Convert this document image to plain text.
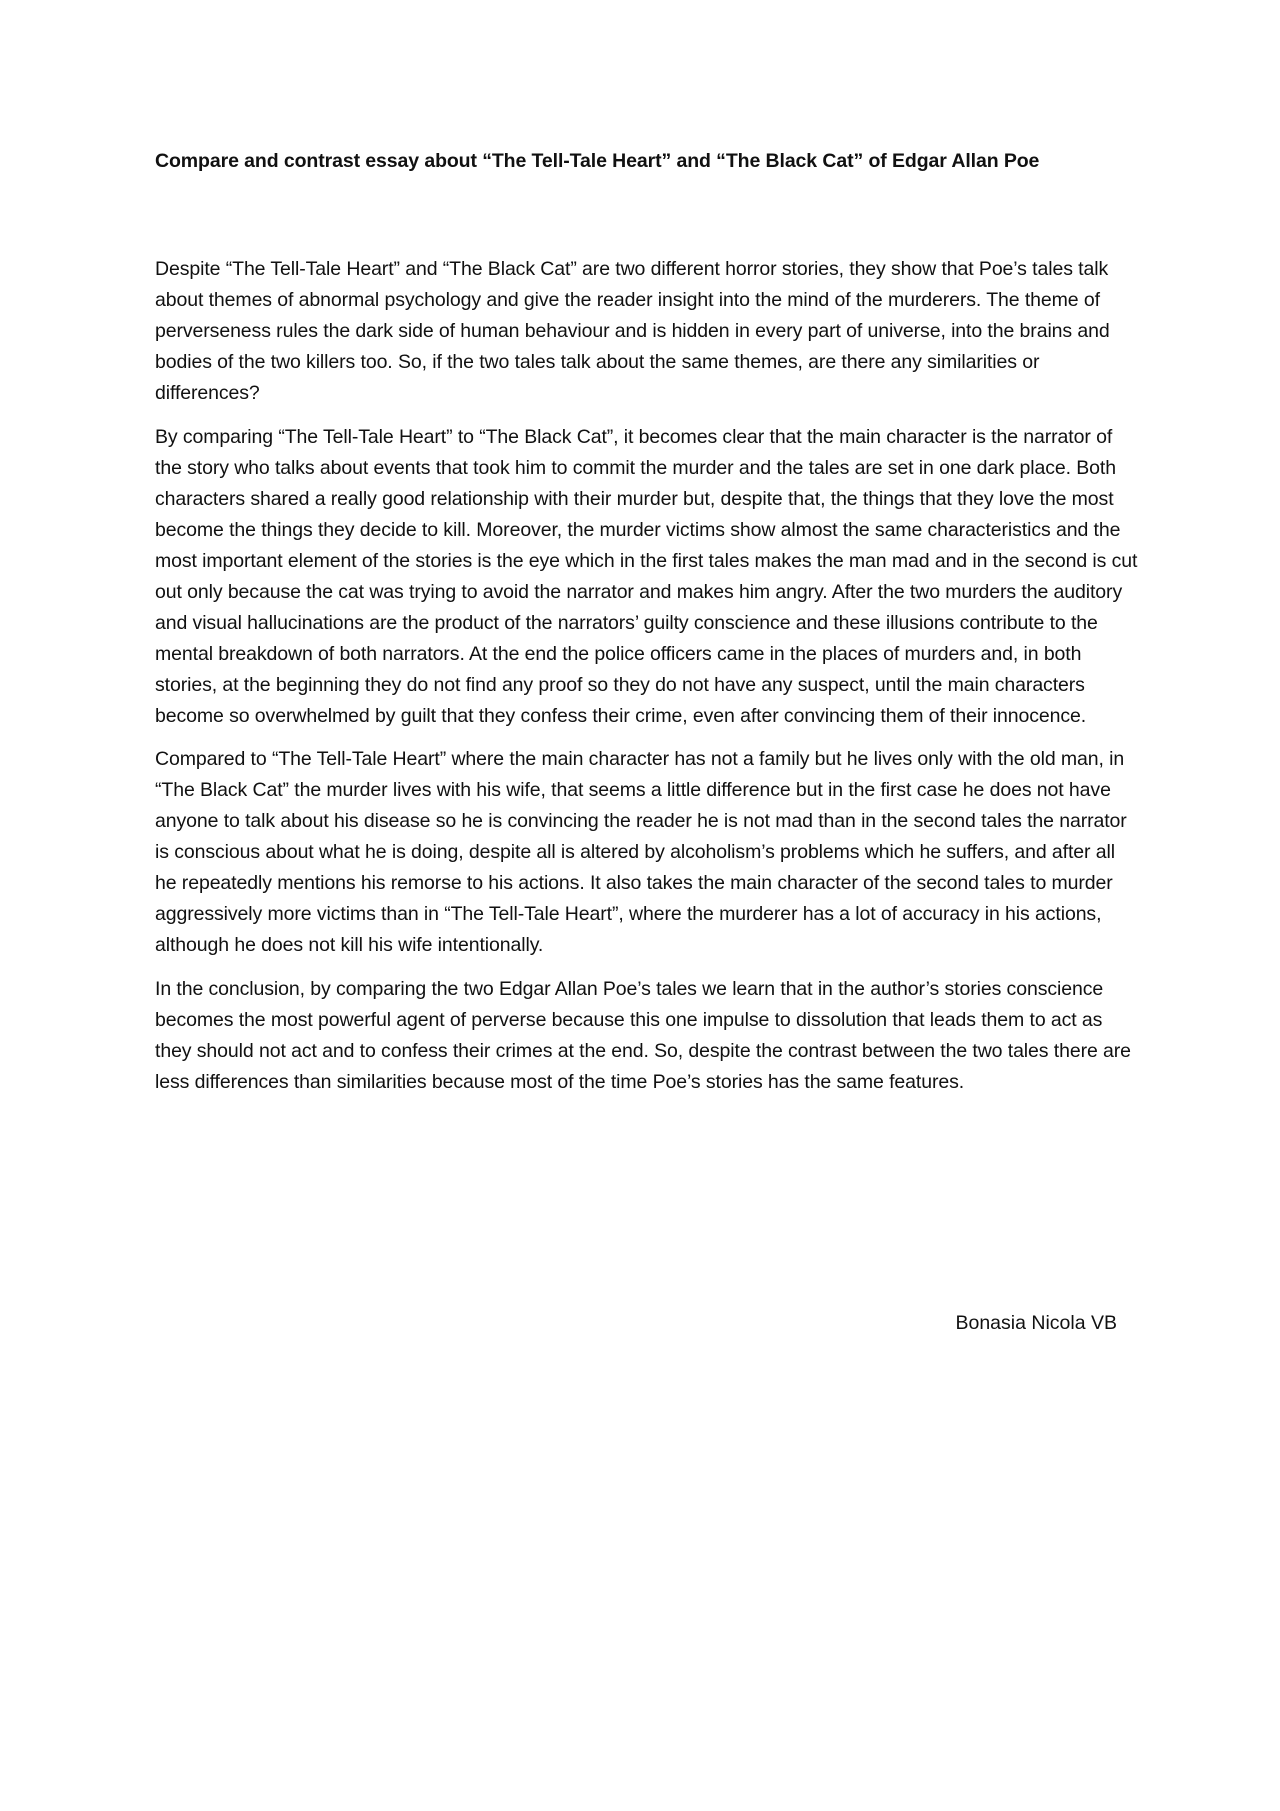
Compare and contrast essay about “The Tell-Tale Heart” and “The Black Cat” of Edgar Allan Poe

Despite “The Tell-Tale Heart” and “The Black Cat” are two different horror stories, they show that Poe’s tales talk about themes of abnormal psychology and give the reader insight into the mind of the murderers. The theme of perverseness rules the dark side of human behaviour and is hidden in every part of universe, into the brains and bodies of the two killers too. So, if the two tales talk about the same themes, are there any similarities or differences?

By comparing “The Tell-Tale Heart” to “The Black Cat”, it becomes clear that the main character is the narrator of the story who talks about events that took him to commit the murder and the tales are set in one dark place. Both characters shared a really good relationship with their murder but, despite that, the things that they love the most become the things they decide to kill. Moreover, the murder victims show almost the same characteristics and the most important element of the stories is the eye which in the first tales makes the man mad and in the second is cut out only because the cat was trying to avoid the narrator and makes him angry. After the two murders the auditory and visual hallucinations are the product of the narrators’ guilty conscience and these illusions contribute to the mental breakdown of both narrators. At the end the police officers came in the places of murders and, in both stories, at the beginning they do not find any proof so they do not have any suspect, until the main characters become so overwhelmed by guilt that they confess their crime, even after convincing them of their innocence.

Compared to “The Tell-Tale Heart” where the main character has not a family but he lives only with the old man, in “The Black Cat” the murder lives with his wife, that seems a little difference but in the first case he does not have anyone to talk about his disease so he is convincing the reader he is not mad than in the second tales the narrator is conscious about what he is doing, despite all is altered by alcoholism’s problems which he suffers, and after all he repeatedly mentions his remorse to his actions. It also takes the main character of the second tales to murder aggressively more victims than in “The Tell-Tale Heart”, where the murderer has a lot of accuracy in his actions, although he does not kill his wife intentionally.

In the conclusion, by comparing the two Edgar Allan Poe’s tales we learn that in the author’s stories conscience becomes the most powerful agent of perverse because this one impulse to dissolution that leads them to act as they should not act and to confess their crimes at the end. So, despite the contrast between the two tales there are less differences than similarities because most of the time Poe’s stories has the same features.

Bonasia Nicola VB
